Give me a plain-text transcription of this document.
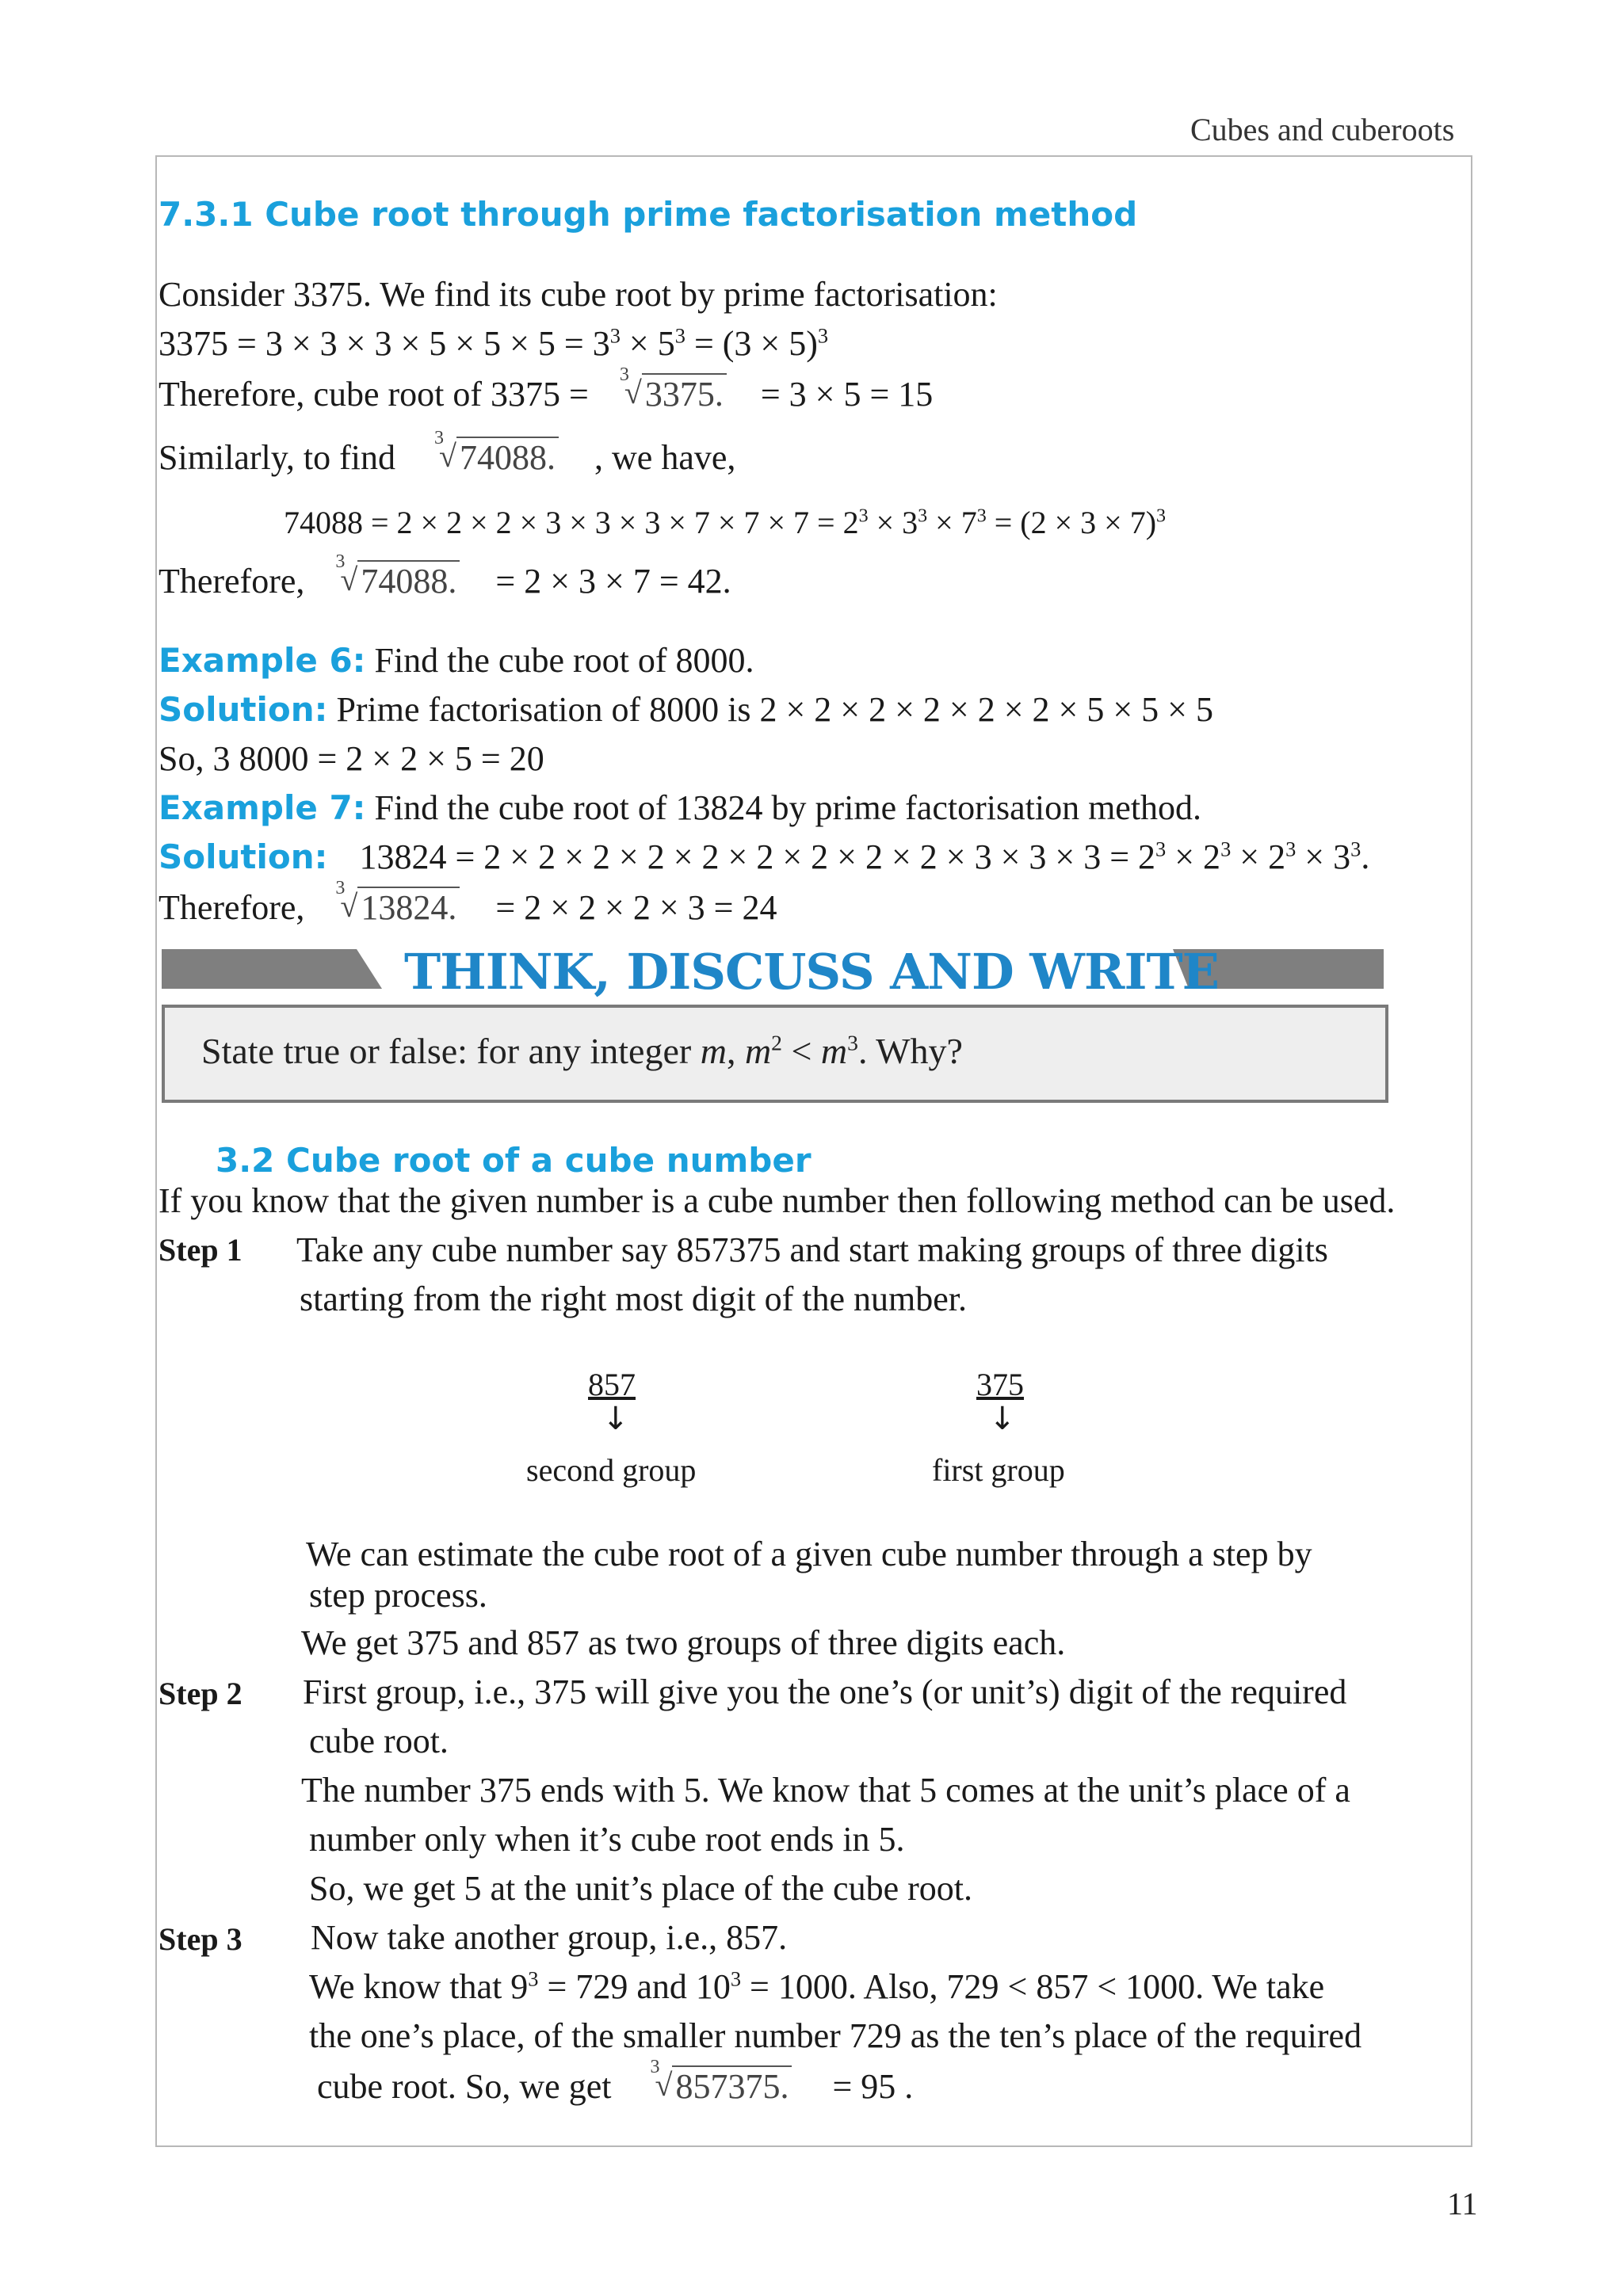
Cubes and cuberoots
7.3.1 Cube root through prime factorisation method
Consider 3375. We find its cube root by prime factorisation:
$3375 = 3 \times 3 \times 3 \times 5 \times 5 \times 5 = 3^3 \times 5^3 = (3 \times 5)^3$
Therefore, cube root of 3375 = 3
√ 3375. = 3 × 5 = 15
Similarly, to find 3
√ 74088. , we have,
$74088 = 2 \times 2 \times 2 \times 3 \times 3 \times 3 \times 7 \times 7 \times 7 = 2^3 \times 3^3 \times 7^3 = (2 \times 3 \times 7)^3$
Therefore, 3
√ 74088. = 2 × 3 × 7 = 42.
Example 6: Find the cube root of 8000.
Solution: Prime factorisation of 8000 is 2 × 2 × 2 × 2 × 2 × 2 × 5 × 5 × 5
So, 3 8000 = 2 × 2 × 5 = 20
Example 7: Find the cube root of 13824 by prime factorisation method.
Solution: $13824 = 2 \times 2 \times 2 \times 2 \times 2 \times 2 \times 2 \times 2 \times 2 \times 3 \times 3 \times 3 = 2^3 \times 2^3 \times 2^3 \times 3^3$.
Therefore, 3
√ 13824. = 2 × 2 × 2 × 3 = 24
THINK, DISCUSS AND WRITE
State true or false: for any integer m, $m^2 < m^3$. Why?
3.2 Cube root of a cube number
If you know that the given number is a cube number then following method can be used.
Step 1 Take any cube number say 857375 and start making groups of three digits
starting from the right most digit of the number.
857
↓
second group
375
↓
first group
We can estimate the cube root of a given cube number through a step by
step process.
We get 375 and 857 as two groups of three digits each.
Step 2 First group, i.e., 375 will give you the one’s (or unit’s) digit of the required
cube root.
The number 375 ends with 5. We know that 5 comes at the unit’s place of a
number only when it’s cube root ends in 5.
So, we get 5 at the unit’s place of the cube root.
Step 3 Now take another group, i.e., 857.
We know that $9^3 = 729$ and $10^3 = 1000$. Also, 729 < 857 < 1000. We take
the one’s place, of the smaller number 729 as the ten’s place of the required
cube root. So, we get 3
√ 857375. = 95 .
11
